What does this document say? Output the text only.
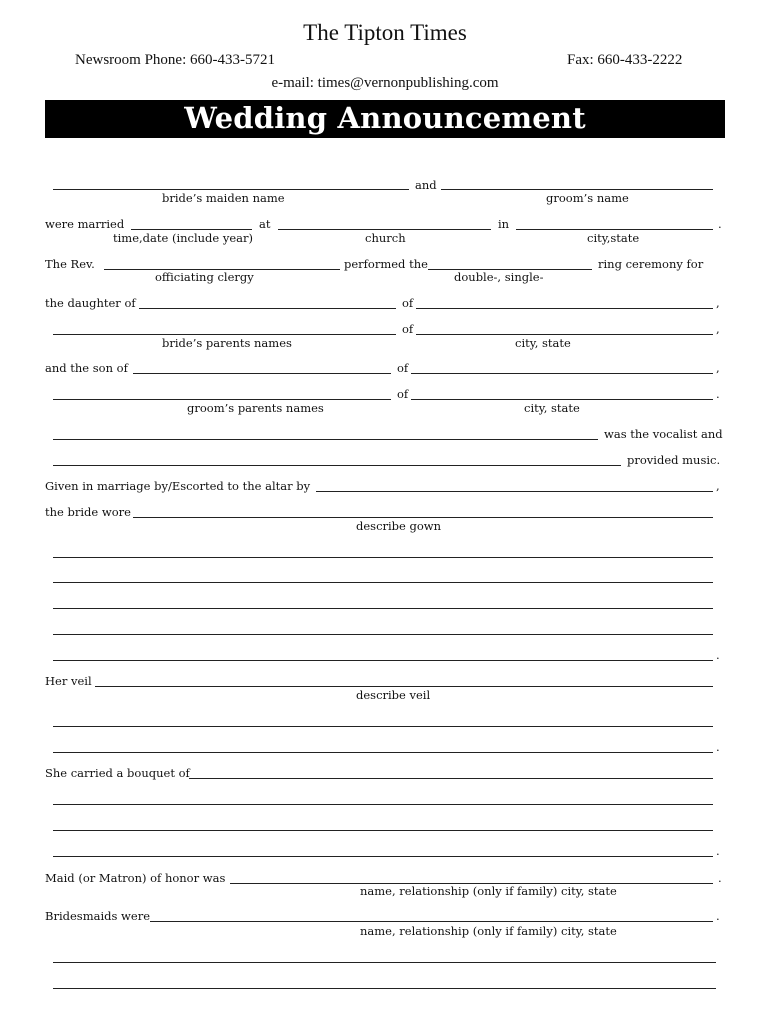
The Tipton Times
Newsroom Phone: 660-433-5721	Fax: 660-433-2222
e-mail: times@vernonpublishing.com
Wedding Announcement
and
bride’s maiden name	groom’s name
were married	at	in	.
time,date (include year)	church	city,state
The Rev.	performed the	ring ceremony for
officiating clergy	double-, single-
the daughter of	of	,
of	,
bride’s parents names	city, state
and the son of	of	,
of	.
groom’s parents names	city, state
was the vocalist and
provided music.
Given in marriage by/Escorted to the altar by	,
the bride wore
describe gown
.
Her veil
describe veil
.
She carried a bouquet of
.
Maid (or Matron) of honor was	.
name, relationship (only if family) city, state
Bridesmaids were	.
name, relationship (only if family) city, state
